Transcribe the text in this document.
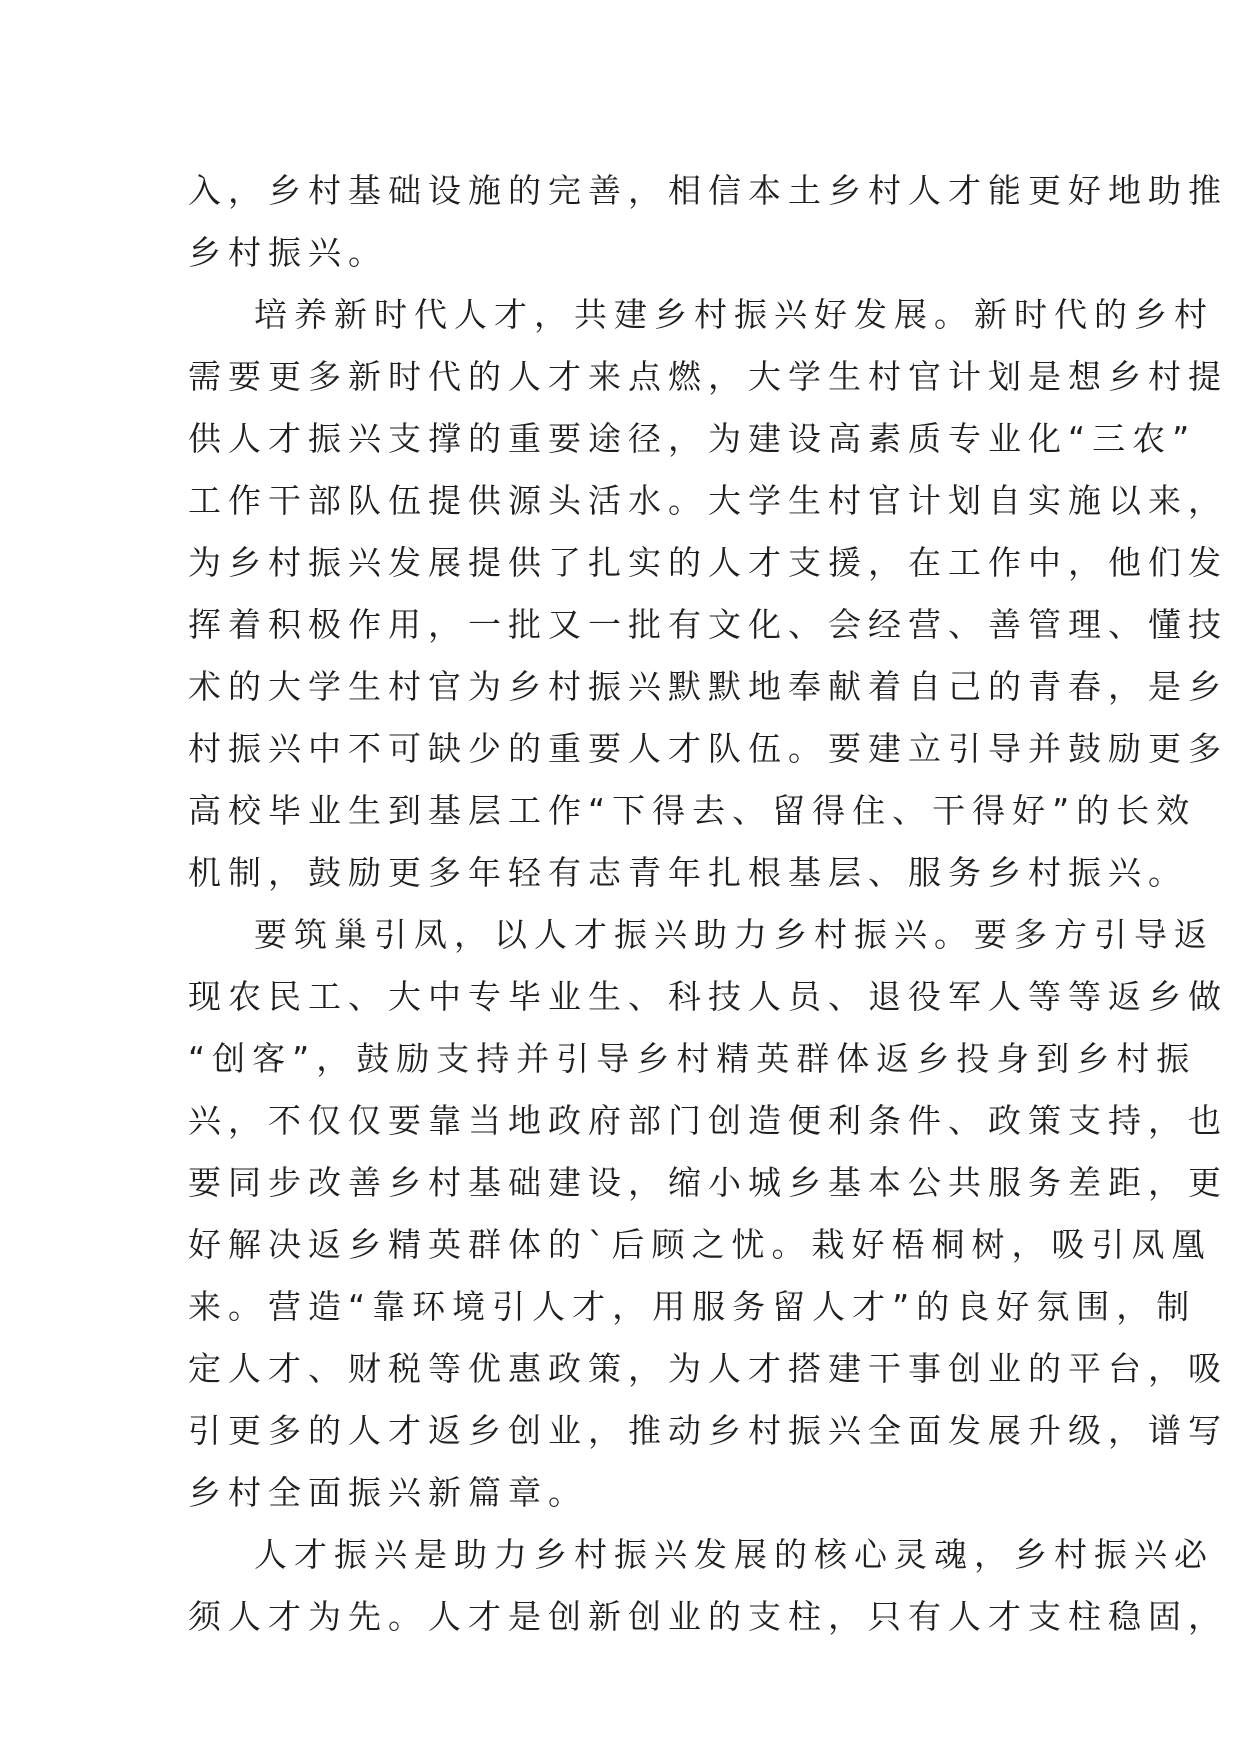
入，乡村基础设施的完善，相信本土乡村人才能更好地助推
乡村振兴。
培养新时代人才，共建乡村振兴好发展。新时代的乡村
需要更多新时代的人才来点燃，大学生村官计划是想乡村提
供人才振兴支撑的重要途径，为建设高素质专业化“三农”
工作干部队伍提供源头活水。大学生村官计划自实施以来，
为乡村振兴发展提供了扎实的人才支援，在工作中，他们发
挥着积极作用，一批又一批有文化、会经营、善管理、懂技
术的大学生村官为乡村振兴默默地奉献着自己的青春，是乡
村振兴中不可缺少的重要人才队伍。要建立引导并鼓励更多
高校毕业生到基层工作“下得去、留得住、干得好”的长效
机制，鼓励更多年轻有志青年扎根基层、服务乡村振兴。
要筑巢引凤，以人才振兴助力乡村振兴。要多方引导返
现农民工、大中专毕业生、科技人员、退役军人等等返乡做
“创客”，鼓励支持并引导乡村精英群体返乡投身到乡村振
兴，不仅仅要靠当地政府部门创造便利条件、政策支持，也
要同步改善乡村基础建设，缩小城乡基本公共服务差距，更
好解决返乡精英群体的`后顾之忧。栽好梧桐树，吸引凤凰
来。营造“靠环境引人才，用服务留人才”的良好氛围，制
定人才、财税等优惠政策，为人才搭建干事创业的平台，吸
引更多的人才返乡创业，推动乡村振兴全面发展升级，谱写
乡村全面振兴新篇章。
人才振兴是助力乡村振兴发展的核心灵魂，乡村振兴必
须人才为先。人才是创新创业的支柱，只有人才支柱稳固，
